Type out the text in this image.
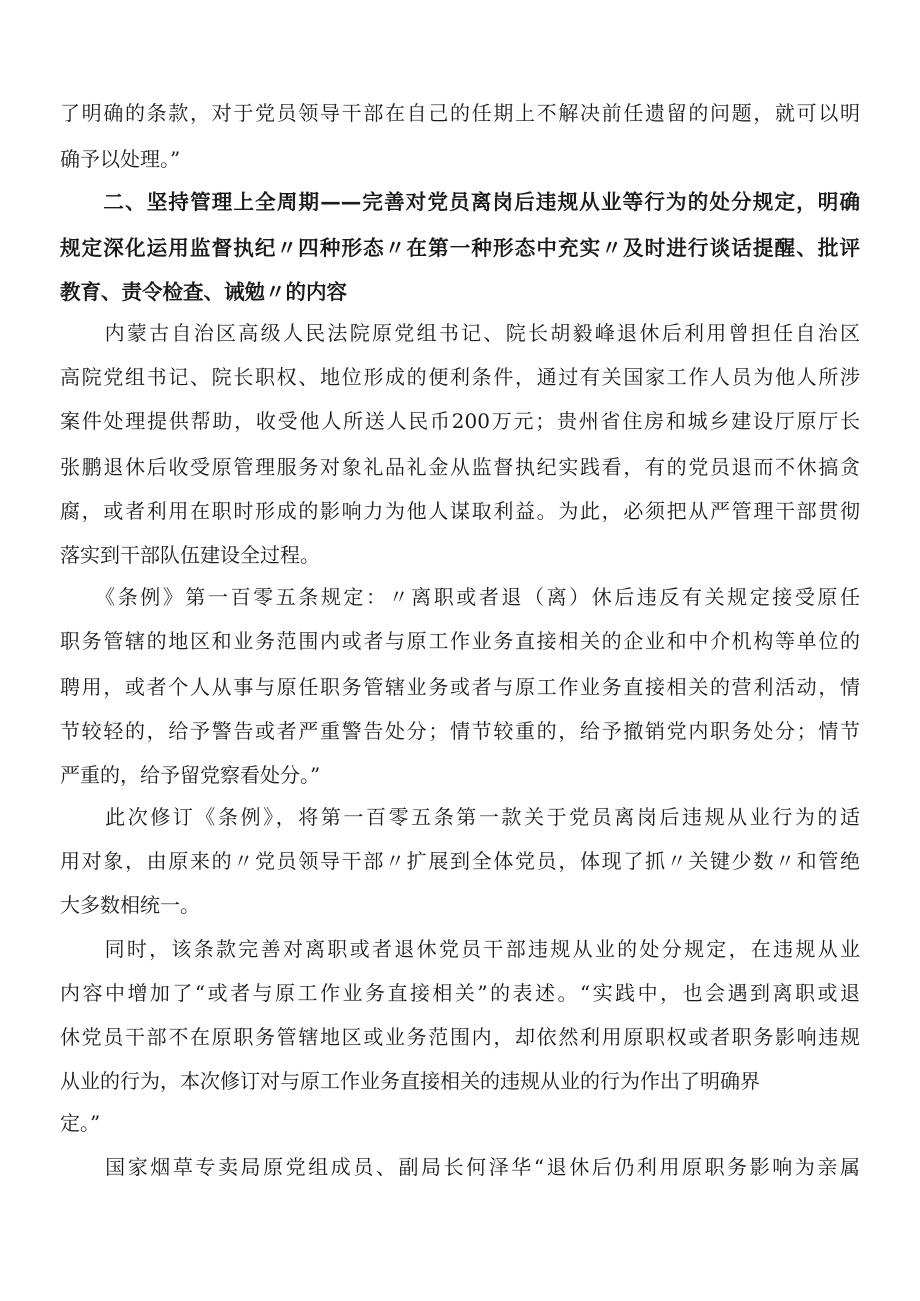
了明确的条款，对于党员领导干部在自己的任期上不解决前任遗留的问题，就可以明
确予以处理。”
　　二、坚持管理上全周期——完善对党员离岗后违规从业等行为的处分规定，明确
规定深化运用监督执纪〃四种形态〃在第一种形态中充实〃及时进行谈话提醒、批评
教育、责令检查、诫勉〃的内容
　　内蒙古自治区高级人民法院原党组书记、院长胡毅峰退休后利用曾担任自治区
高院党组书记、院长职权、地位形成的便利条件，通过有关国家工作人员为他人所涉
案件处理提供帮助，收受他人所送人民币200万元；贵州省住房和城乡建设厅原厅长
张鹏退休后收受原管理服务对象礼品礼金从监督执纪实践看，有的党员退而不休搞贪
腐，或者利用在职时形成的影响力为他人谋取利益。为此，必须把从严管理干部贯彻
落实到干部队伍建设全过程。
　　《条例》第一百零五条规定：〃离职或者退（离）休后违反有关规定接受原任
职务管辖的地区和业务范围内或者与原工作业务直接相关的企业和中介机构等单位的
聘用，或者个人从事与原任职务管辖业务或者与原工作业务直接相关的营利活动，情
节较轻的，给予警告或者严重警告处分；情节较重的，给予撤销党内职务处分；情节
严重的，给予留党察看处分。”
　　此次修订《条例》，将第一百零五条第一款关于党员离岗后违规从业行为的适
用对象，由原来的〃党员领导干部〃扩展到全体党员，体现了抓〃关键少数〃和管绝
大多数相统一。
　　同时，该条款完善对离职或者退休党员干部违规从业的处分规定，在违规从业
内容中增加了“或者与原工作业务直接相关”的表述。“实践中，也会遇到离职或退
休党员干部不在原职务管辖地区或业务范围内，却依然利用原职权或者职务影响违规
从业的行为，本次修订对与原工作业务直接相关的违规从业的行为作出了明确界
定。”
　　国家烟草专卖局原党组成员、副局长何泽华“退休后仍利用原职务影响为亲属
